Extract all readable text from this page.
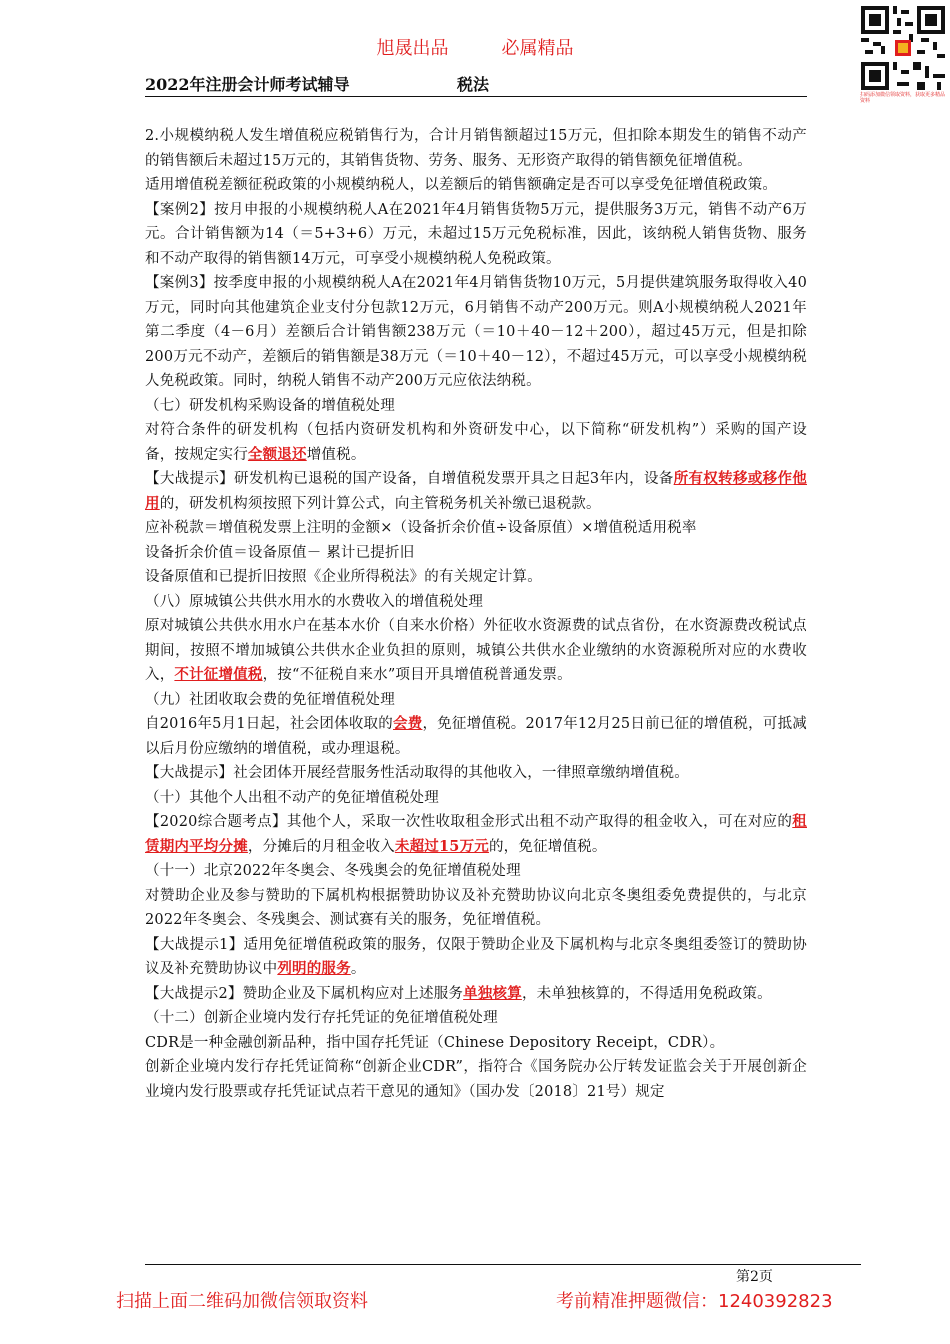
旭晟出品	必属精品
2022年注册会计师考试辅导	税法
扫码添加微信领取资料，获取更多精品资料

2.小规模纳税人发生增值税应税销售行为，合计月销售额超过15万元，但扣除本期发生的销售不动产的销售额后未超过15万元的，其销售货物、劳务、服务、无形资产取得的销售额免征增值税。

适用增值税差额征税政策的小规模纳税人，以差额后的销售额确定是否可以享受免征增值税政策。

【案例2】按月申报的小规模纳税人A在2021年4月销售货物5万元，提供服务3万元，销售不动产6万元。合计销售额为14（＝5+3+6）万元，未超过15万元免税标准，因此，该纳税人销售货物、服务和不动产取得的销售额14万元，可享受小规模纳税人免税政策。

【案例3】按季度申报的小规模纳税人A在2021年4月销售货物10万元，5月提供建筑服务取得收入40万元，同时向其他建筑企业支付分包款12万元，6月销售不动产200万元。则A小规模纳税人2021年第二季度（4－6月）差额后合计销售额238万元（＝10＋40－12＋200），超过45万元，但是扣除200万元不动产，差额后的销售额是38万元（＝10＋40－12），不超过45万元，可以享受小规模纳税人免税政策。同时，纳税人销售不动产200万元应依法纳税。

（七）研发机构采购设备的增值税处理

对符合条件的研发机构（包括内资研发机构和外资研发中心，以下简称“研发机构”）采购的国产设备，按规定实行全额退还增值税。

【大战提示】研发机构已退税的国产设备，自增值税发票开具之日起3年内，设备所有权转移或移作他用的，研发机构须按照下列计算公式，向主管税务机关补缴已退税款。

应补税款＝增值税发票上注明的金额×（设备折余价值÷设备原值）×增值税适用税率

设备折余价值＝设备原值－ 累计已提折旧

设备原值和已提折旧按照《企业所得税法》的有关规定计算。

（八）原城镇公共供水用水的水费收入的增值税处理

原对城镇公共供水用水户在基本水价（自来水价格）外征收水资源费的试点省份，在水资源费改税试点期间，按照不增加城镇公共供水企业负担的原则，城镇公共供水企业缴纳的水资源税所对应的水费收入，不计征增值税，按“不征税自来水”项目开具增值税普通发票。

（九）社团收取会费的免征增值税处理

自2016年5月1日起，社会团体收取的会费，免征增值税。2017年12月25日前已征的增值税，可抵减以后月份应缴纳的增值税，或办理退税。

【大战提示】社会团体开展经营服务性活动取得的其他收入，一律照章缴纳增值税。

（十）其他个人出租不动产的免征增值税处理

【2020综合题考点】其他个人，采取一次性收取租金形式出租不动产取得的租金收入，可在对应的租赁期内平均分摊，分摊后的月租金收入未超过15万元的，免征增值税。

（十一）北京2022年冬奥会、冬残奥会的免征增值税处理

对赞助企业及参与赞助的下属机构根据赞助协议及补充赞助协议向北京冬奥组委免费提供的，与北京2022年冬奥会、冬残奥会、测试赛有关的服务，免征增值税。

【大战提示1】适用免征增值税政策的服务，仅限于赞助企业及下属机构与北京冬奥组委签订的赞助协议及补充赞助协议中列明的服务。

【大战提示2】赞助企业及下属机构应对上述服务单独核算，未单独核算的，不得适用免税政策。

（十二）创新企业境内发行存托凭证的免征增值税处理

CDR是一种金融创新品种，指中国存托凭证（Chinese Depository Receipt，CDR）。

创新企业境内发行存托凭证简称“创新企业CDR”，指符合《国务院办公厅转发证监会关于开展创新企业境内发行股票或存托凭证试点若干意见的通知》（国办发〔2018〕21号）规定

第2页
扫描上面二维码加微信领取资料	考前精准押题微信：1240392823
